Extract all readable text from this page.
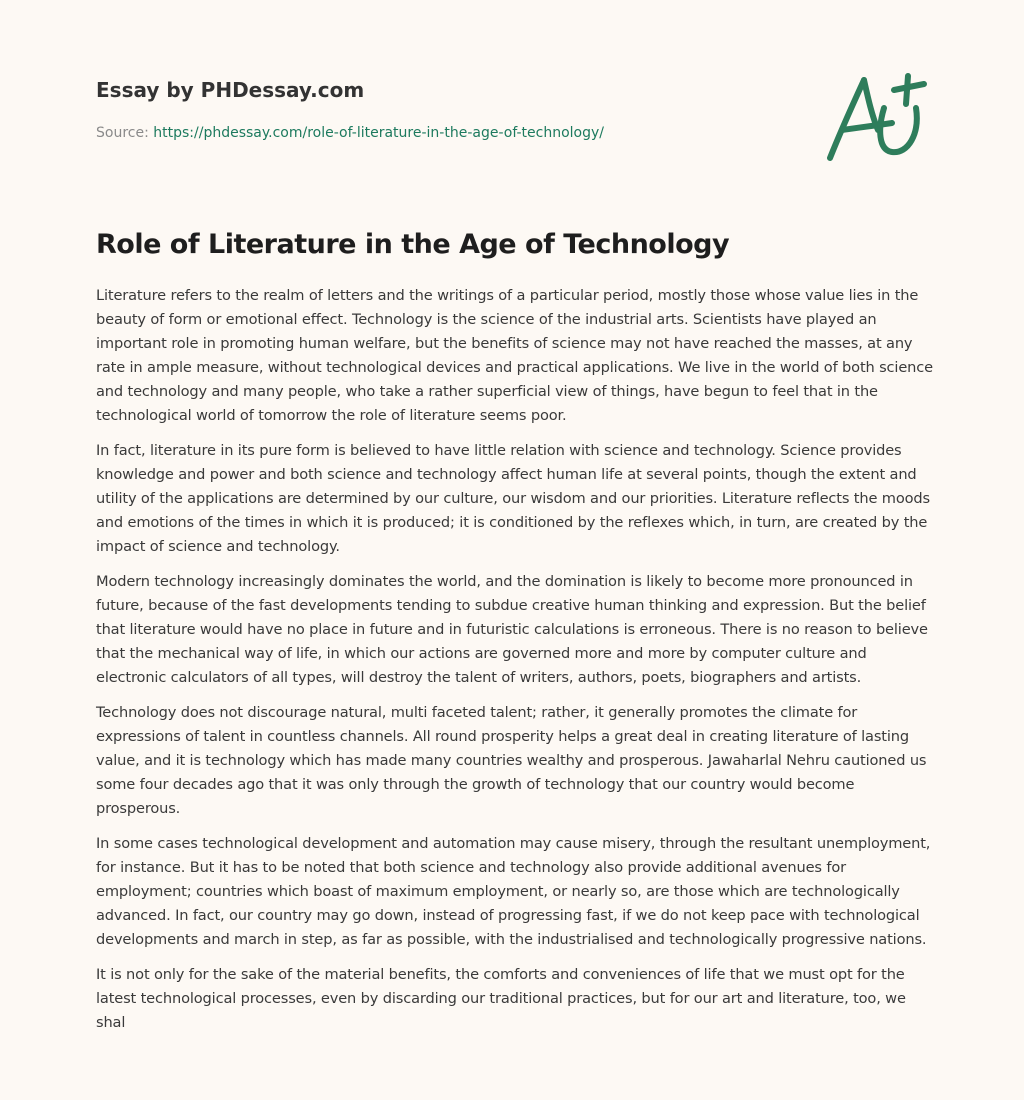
Essay by PHDessay.com
Source: https://phdessay.com/role-of-literature-in-the-age-of-technology/
Role of Literature in the Age of Technology

Literature refers to the realm of letters and the writings of a particular period, mostly those whose value lies in the beauty of form or emotional effect. Technology is the science of the industrial arts. Scientists have played an important role in promoting human welfare, but the benefits of science may not have reached the masses, at any rate in ample measure, without technological devices and practical applications. We live in the world of both science and technology and many people, who take a rather superficial view of things, have begun to feel that in the technological world of tomorrow the role of literature seems poor.

In fact, literature in its pure form is believed to have little relation with science and technology. Science provides knowledge and power and both science and technology affect human life at several points, though the extent and utility of the applications are determined by our culture, our wisdom and our priorities. Literature reflects the moods and emotions of the times in which it is produced; it is conditioned by the reflexes which, in turn, are created by the impact of science and technology.

Modern technology increasingly dominates the world, and the domination is likely to become more pronounced in future, because of the fast developments tending to subdue creative human thinking and expression. But the belief that literature would have no place in future and in futuristic calculations is erroneous. There is no reason to believe that the mechanical way of life, in which our actions are governed more and more by computer culture and electronic calculators of all types, will destroy the talent of writers, authors, poets, biographers and artists.

Technology does not discourage natural, multi faceted talent; rather, it generally promotes the climate for expressions of talent in countless channels. All round prosperity helps a great deal in creating literature of lasting value, and it is technology which has made many countries wealthy and prosperous. Jawaharlal Nehru cautioned us some four decades ago that it was only through the growth of technology that our country would become prosperous.

In some cases technological development and automation may cause misery, through the resultant unemployment, for instance. But it has to be noted that both science and technology also provide additional avenues for employment; countries which boast of maximum employment, or nearly so, are those which are technologically advanced. In fact, our country may go down, instead of progressing fast, if we do not keep pace with technological developments and march in step, as far as possible, with the industrialised and technologically progressive nations.

It is not only for the sake of the material benefits, the comforts and conveniences of life that we must opt for the latest technological processes, even by discarding our traditional practices, but for our art and literature, too, we shal
